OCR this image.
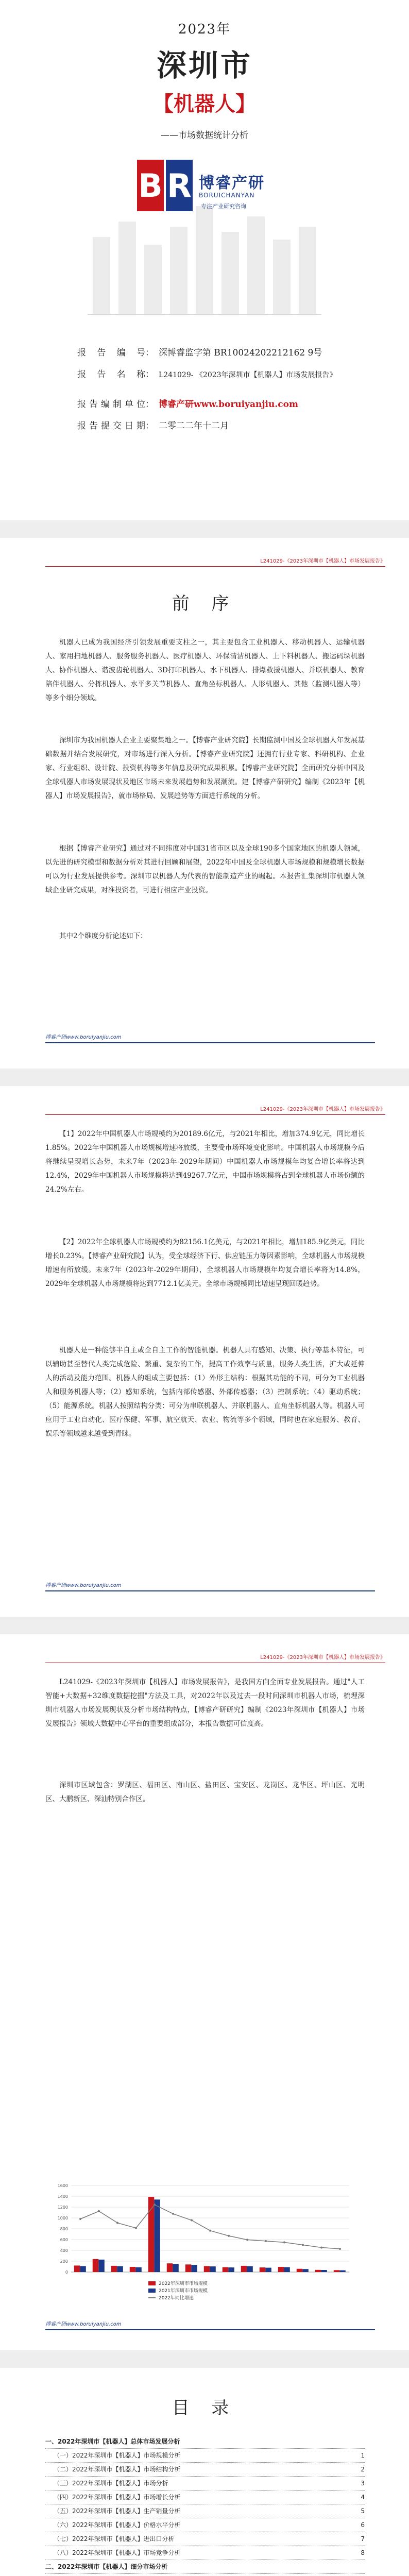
2023年
深圳市
【机器人】
——市场数据统计分析
B R 博睿产研
BORUICHANYAN
专注产业研究咨询
报告编号： 深博睿监字第 BR10024202212162 9号
报告名称： L241029- 《2023年深圳市【机器人】市场发展报告》
报告编制单位： 博睿产研www.boruiyanjiu.com
报告提交日期： 二零二二年十二月
L241029-《2023年深圳市【机器人】市场发展报告》
前 序
机器人已成为我国经济引领发展重要支柱之一，其主要包含工业机器人、移动机器人、运输机器人、家用扫地机器人、服务服务机器人、医疗机器人、环保清洁机器人、上下料机器人、搬运码垛机器人、协作机器人、谐波齿轮机器人、3D打印机器人、水下机器人、排爆救援机器人、并联机器人、教育陪伴机器人、分拣机器人、水平多关节机器人、直角坐标机器人、人形机器人、其他（监测机器人等）等多个细分领域。
深圳市为我国机器人企业主要聚集地之一。【博睿产业研究院】长期监测中国及全球机器人年发展基础数据并结合发展研究，对市场进行深入分析。【博睿产业研究院】还拥有行业专家、科研机构、企业家、行业组织、设计院、投资机构等多年信息及研究成果积累。【博睿产业研究院】全面研究分析中国及全球机器人市场发展现状及地区市场未来发展趋势和发展潮流。建【博睿产研研究】编制《2023年【机器人】市场发展报告》，就市场格局、发展趋势等方面进行系统的分析。
根据【博睿产业研究】通过对不同纬度对中国31省市区以及全球190多个国家地区的机器人领域，以先进的研究模型和数据分析对其进行回顾和展望，2022年中国及全球机器人市场规模和规模增长数据可以为行业发展提供参考。深圳市以机器人为代表的智能制造产业的崛起。本报告汇集深圳市机器人领域企业研究成果，对准投资者，可进行相应产业投资。
其中2个维度分析论述如下：
博睿产研www.boruiyanjiu.com
L241029-《2023年深圳市【机器人】市场发展报告》
【1】2022年中国机器人市场规模约为20189.6亿元，与2021年相比，增加374.9亿元，同比增长1.85%。2022年中国机器人市场规模增速将放缓，主要受市场环境变化影响。中国机器人市场规模今后将继续呈现增长态势，未来7年（2023年-2029年期间）中国机器人市场规模年均复合增长率将达到12.4%，2029年中国机器人市场规模将达到49267.7亿元，中国市场规模将占到全球机器人市场份额的24.2%左右。
【2】2022年全球机器人市场规模约为82156.1亿美元，与2021年相比，增加185.9亿美元，同比增长0.23%。【博睿产业研究院】认为，受全球经济下行、供应链压力等因素影响，全球机器人市场规模增速有所放缓。未来7年（2023年-2029年期间），全球机器人市场规模年均复合增长率将为14.8%，2029年全球机器人市场规模将达到7712.1亿美元。全球市场规模同比增速呈现回暖趋势。
机器人是一种能够半自主或全自主工作的智能机器。机器人具有感知、决策、执行等基本特征，可以辅助甚至替代人类完成危险、繁重、复杂的工作，提高工作效率与质量，服务人类生活，扩大或延伸人的活动及能力范围。机器人的组成主要包括：（1）外形主结构：根据其功能的不同，可分为工业机器人和服务机器人等；（2）感知系统，包括内部传感器、外部传感器；（3）控制系统；（4）驱动系统；（5）能源系统。机器人按照结构分类：可分为串联机器人、并联机器人、直角坐标机器人等。机器人可应用于工业自动化、医疗保健、军事、航空航天、农业、物流等多个领域，同时也在家庭服务、教育、娱乐等领域越来越受到青睐。
博睿产研www.boruiyanjiu.com
L241029-《2023年深圳市【机器人】市场发展报告》
L241029-《2023年深圳市【机器人】市场发展报告》，是我国方向全面专业发展报告。通过"人工智能+大数据+32维度数据挖掘"方法及工具，对2022年以及过去一段时间深圳市机器人市场，梳理深圳市机器人市场发展现状及分析市场结构特点，【博睿产研研究】编制《2023年深圳市【机器人】市场发展报告》领域大数据中心平台的重要组成部分，本报告数据可信度高。
深圳市区域包含：罗湖区、福田区、南山区、盐田区、宝安区、龙岗区、龙华区、坪山区、光明区、大鹏新区、深汕特别合作区。
博睿产研www.boruiyanjiu.com
0
200
400
600
800
1000
1200
1400
1600
2022年深圳市市场规模
2021年深圳市市场规模
2022年同比增速
目 录
一、2022年深圳市【机器人】总体市场发展分析
（一）2022年深圳市【机器人】市场规模分析	1
（二）2022年深圳市【机器人】市场结构分析	2
（三）2022年深圳市【机器人】市场分析	3
（四）2022年深圳市【机器人】市场增长分析	4
（五）2022年深圳市【机器人】生产销量分析	5
（六）2022年深圳市【机器人】价格水平分析	6
（七）2022年深圳市【机器人】进出口分析	7
（八）2022年深圳市【机器人】市场竞争分析	8
二、2022年深圳市【机器人】细分市场分析
